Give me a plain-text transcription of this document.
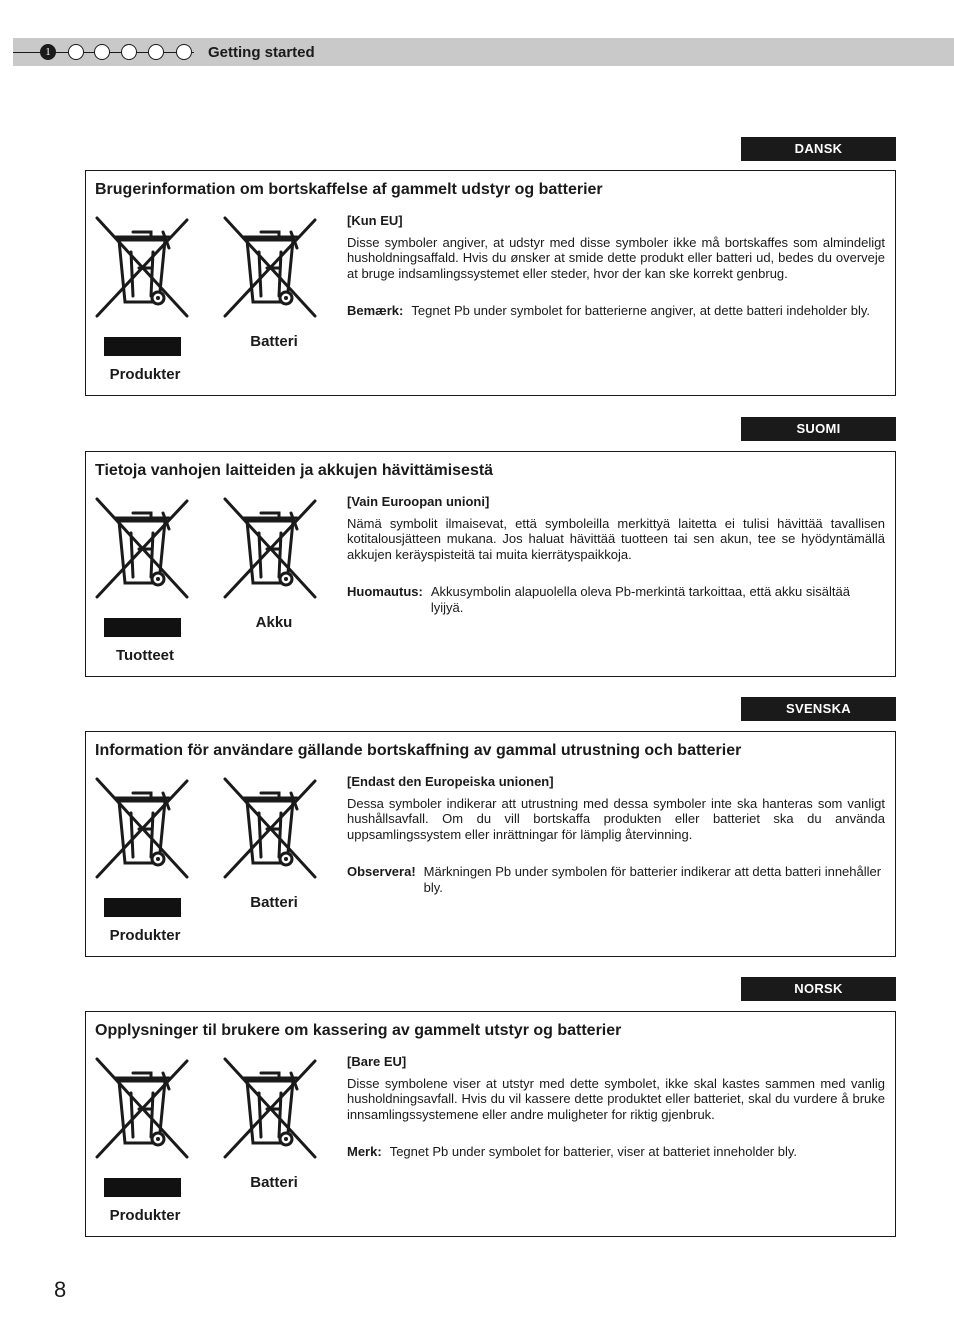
1	Getting started
DANSK
Brugerinformation om bortskaffelse af gammelt udstyr og batterier
Produkter
Batteri
[Kun EU]
Disse symboler angiver, at udstyr med disse symboler ikke må bortskaffes som almindeligt husholdningsaffald. Hvis du ønsker at smide dette produkt eller batteri ud, bedes du overveje at bruge indsamlingssystemet eller steder, hvor der kan ske korrekt genbrug.
Bemærk: Tegnet Pb under symbolet for batterierne angiver, at dette batteri indeholder bly.
SUOMI
Tietoja vanhojen laitteiden ja akkujen hävittämisestä
Tuotteet
Akku
[Vain Euroopan unioni]
Nämä symbolit ilmaisevat, että symboleilla merkittyä laitetta ei tulisi hävittää tavallisen kotitalousjätteen mukana. Jos haluat hävittää tuotteen tai sen akun, tee se hyödyntämällä akkujen keräyspisteitä tai muita kierrätyspaikkoja.
Huomautus: Akkusymbolin alapuolella oleva Pb-merkintä tarkoittaa, että akku sisältää lyijyä.
SVENSKA
Information för användare gällande bortskaffning av gammal utrustning och batterier
Produkter
Batteri
[Endast den Europeiska unionen]
Dessa symboler indikerar att utrustning med dessa symboler inte ska hanteras som vanligt hushållsavfall. Om du vill bortskaffa produkten eller batteriet ska du använda uppsamlingssystem eller inrättningar för lämplig återvinning.
Observera! Märkningen Pb under symbolen för batterier indikerar att detta batteri innehåller bly.
NORSK
Opplysninger til brukere om kassering av gammelt utstyr og batterier
Produkter
Batteri
[Bare EU]
Disse symbolene viser at utstyr med dette symbolet, ikke skal kastes sammen med vanlig husholdningsavfall. Hvis du vil kassere dette produktet eller batteriet, skal du vurdere å bruke innsamlingssystemene eller andre muligheter for riktig gjenbruk.
Merk: Tegnet Pb under symbolet for batterier, viser at batteriet inneholder bly.
8
